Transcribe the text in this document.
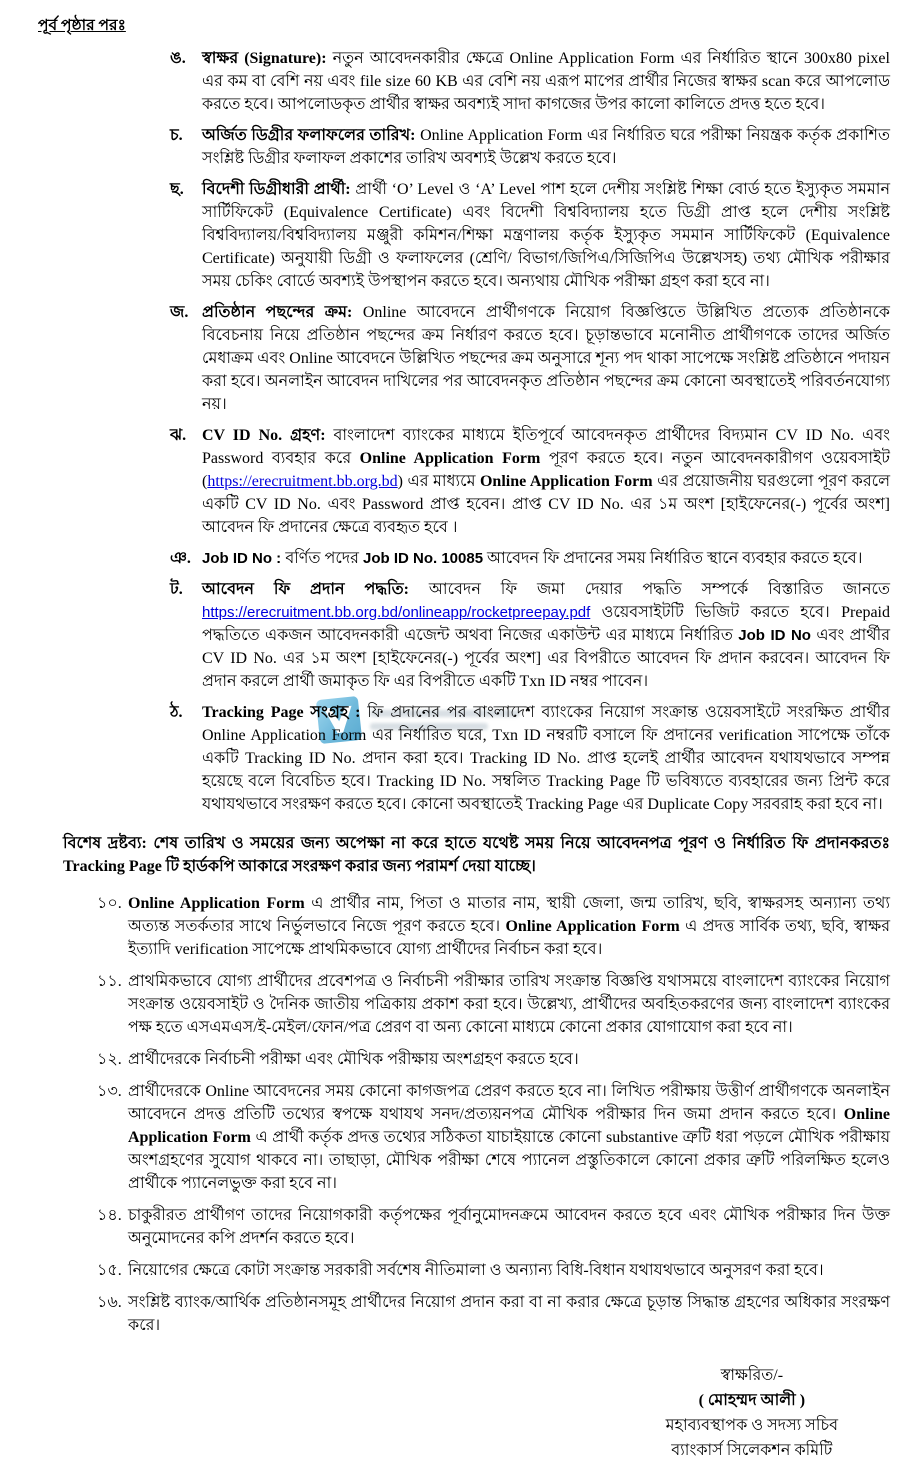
পূর্ব পৃষ্ঠার পরঃ
ঙ.	স্বাক্ষর (Signature): নতুন আবেদনকারীর ক্ষেত্রে Online Application Form এর নির্ধারিত স্থানে 300x80 pixel এর কম বা বেশি নয় এবং file size 60 KB এর বেশি নয় এরূপ মাপের প্রার্থীর নিজের স্বাক্ষর scan করে আপলোড করতে হবে। আপলোডকৃত প্রার্থীর স্বাক্ষর অবশ্যই সাদা কাগজের উপর কালো কালিতে প্রদত্ত হতে হবে।
চ.	অর্জিত ডিগ্রীর ফলাফলের তারিখ: Online Application Form এর নির্ধারিত ঘরে পরীক্ষা নিয়ন্ত্রক কর্তৃক প্রকাশিত সংশ্লিষ্ট ডিগ্রীর ফলাফল প্রকাশের তারিখ অবশ্যই উল্লেখ করতে হবে।
ছ.	বিদেশী ডিগ্রীধারী প্রার্থী: প্রার্থী ‘O’ Level ও ‘A’ Level পাশ হলে দেশীয় সংশ্লিষ্ট শিক্ষা বোর্ড হতে ইস্যুকৃত সমমান সার্টিফিকেট (Equivalence Certificate) এবং বিদেশী বিশ্ববিদ্যালয় হতে ডিগ্রী প্রাপ্ত হলে দেশীয় সংশ্লিষ্ট বিশ্ববিদ্যালয়/বিশ্ববিদ্যালয় মঞ্জুরী কমিশন/শিক্ষা মন্ত্রণালয় কর্তৃক ইস্যুকৃত সমমান সার্টিফিকেট (Equivalence Certificate) অনুযায়ী ডিগ্রী ও ফলাফলের (শ্রেণি/ বিভাগ/জিপিএ/সিজিপিএ উল্লেখসহ) তথ্য মৌখিক পরীক্ষার সময় চেকিং বোর্ডে অবশ্যই উপস্থাপন করতে হবে। অন্যথায় মৌখিক পরীক্ষা গ্রহণ করা হবে না।
জ. প্রতিষ্ঠান পছন্দের ক্রম: Online আবেদনে প্রার্থীগণকে নিয়োগ বিজ্ঞপ্তিতে উল্লিখিত প্রত্যেক প্রতিষ্ঠানকে বিবেচনায় নিয়ে প্রতিষ্ঠান পছন্দের ক্রম নির্ধারণ করতে হবে। চূড়ান্তভাবে মনোনীত প্রার্থীগণকে তাদের অর্জিত মেধাক্রম এবং Online আবেদনে উল্লিখিত পছন্দের ক্রম অনুসারে শূন্য পদ থাকা সাপেক্ষে সংশ্লিষ্ট প্রতিষ্ঠানে পদায়ন করা হবে। অনলাইন আবেদন দাখিলের পর আবেদনকৃত প্রতিষ্ঠান পছন্দের ক্রম কোনো অবস্থাতেই পরিবর্তনযোগ্য নয়।
ঝ. CV ID No. গ্রহণ: বাংলাদেশ ব্যাংকের মাধ্যমে ইতিপূর্বে আবেদনকৃত প্রার্থীদের বিদ্যমান CV ID No. এবং Password ব্যবহার করে Online Application Form পূরণ করতে হবে। নতুন আবেদনকারীগণ ওয়েবসাইট (https://erecruitment.bb.org.bd) এর মাধ্যমে Online Application Form এর প্রয়োজনীয় ঘরগুলো পূরণ করলে একটি CV ID No. এবং Password প্রাপ্ত হবেন। প্রাপ্ত CV ID No. এর ১ম অংশ [হাইফেনের(-) পূর্বের অংশ] আবেদন ফি প্রদানের ক্ষেত্রে ব্যবহৃত হবে ।
ঞ. Job ID No : বর্ণিত পদের Job ID No. 10085 আবেদন ফি প্রদানের সময় নির্ধারিত স্থানে ব্যবহার করতে হবে।
ট.	আবেদন ফি প্রদান পদ্ধতি: আবেদন ফি জমা দেয়ার পদ্ধতি সম্পর্কে বিস্তারিত জানতে https://erecruitment.bb.org.bd/onlineapp/rocketpreepay.pdf ওয়েবসাইটটি ভিজিট করতে হবে। Prepaid পদ্ধতিতে একজন আবেদনকারী এজেন্ট অথবা নিজের একাউন্ট এর মাধ্যমে নির্ধারিত Job ID No এবং প্রার্থীর CV ID No. এর ১ম অংশ [হাইফেনের(-) পূর্বের অংশ] এর বিপরীতে আবেদন ফি প্রদান করবেন। আবেদন ফি প্রদান করলে প্রার্থী জমাকৃত ফি এর বিপরীতে একটি Txn ID নম্বর পাবেন।
ঠ.	Tracking Page সংগ্রহ : ফি প্রদানের পর বাংলাদেশ ব্যাংকের নিয়োগ সংক্রান্ত ওয়েবসাইটে সংরক্ষিত প্রার্থীর Online Application Form এর নির্ধারিত ঘরে, Txn ID নম্বরটি বসালে ফি প্রদানের verification সাপেক্ষে তাঁকে একটি Tracking ID No. প্রদান করা হবে। Tracking ID No. প্রাপ্ত হলেই প্রার্থীর আবেদন যথাযথভাবে সম্পন্ন হয়েছে বলে বিবেচিত হবে। Tracking ID No. সম্বলিত Tracking Page টি ভবিষ্যতে ব্যবহারের জন্য প্রিন্ট করে যথাযথভাবে সংরক্ষণ করতে হবে। কোনো অবস্থাতেই Tracking Page এর Duplicate Copy সরবরাহ করা হবে না।
বিশেষ দ্রষ্টব্য: শেষ তারিখ ও সময়ের জন্য অপেক্ষা না করে হাতে যথেষ্ট সময় নিয়ে আবেদনপত্র পূরণ ও নির্ধারিত ফি প্রদানকরতঃ Tracking Page টি হার্ডকপি আকারে সংরক্ষণ করার জন্য পরামর্শ দেয়া যাচ্ছে।
১০. Online Application Form এ প্রার্থীর নাম, পিতা ও মাতার নাম, স্থায়ী জেলা, জন্ম তারিখ, ছবি, স্বাক্ষরসহ অন্যান্য তথ্য অত্যন্ত সতর্কতার সাথে নির্ভুলভাবে নিজে পূরণ করতে হবে। Online Application Form এ প্রদত্ত সার্বিক তথ্য, ছবি, স্বাক্ষর ইত্যাদি verification সাপেক্ষে প্রাথমিকভাবে যোগ্য প্রার্থীদের নির্বাচন করা হবে।
১১. প্রাথমিকভাবে যোগ্য প্রার্থীদের প্রবেশপত্র ও নির্বাচনী পরীক্ষার তারিখ সংক্রান্ত বিজ্ঞপ্তি যথাসময়ে বাংলাদেশ ব্যাংকের নিয়োগ সংক্রান্ত ওয়েবসাইট ও দৈনিক জাতীয় পত্রিকায় প্রকাশ করা হবে। উল্লেখ্য, প্রার্থীদের অবহিতকরণের জন্য বাংলাদেশ ব্যাংকের পক্ষ হতে এসএমএস/ই-মেইল/ফোন/পত্র প্রেরণ বা অন্য কোনো মাধ্যমে কোনো প্রকার যোগাযোগ করা হবে না।
১২. প্রার্থীদেরকে নির্বাচনী পরীক্ষা এবং মৌখিক পরীক্ষায় অংশগ্রহণ করতে হবে।
১৩. প্রার্থীদেরকে Online আবেদনের সময় কোনো কাগজপত্র প্রেরণ করতে হবে না। লিখিত পরীক্ষায় উত্তীর্ণ প্রার্থীগণকে অনলাইন আবেদনে প্রদত্ত প্রতিটি তথ্যের স্বপক্ষে যথাযথ সনদ/প্রত্যয়নপত্র মৌখিক পরীক্ষার দিন জমা প্রদান করতে হবে। Online Application Form এ প্রার্থী কর্তৃক প্রদত্ত তথ্যের সঠিকতা যাচাইয়ান্তে কোনো substantive ত্রুটি ধরা পড়লে মৌখিক পরীক্ষায় অংশগ্রহণের সুযোগ থাকবে না। তাছাড়া, মৌখিক পরীক্ষা শেষে প্যানেল প্রস্তুতিকালে কোনো প্রকার ত্রুটি পরিলক্ষিত হলেও প্রার্থীকে প্যানেলভুক্ত করা হবে না।
১৪. চাকুরীরত প্রার্থীগণ তাদের নিয়োগকারী কর্তৃপক্ষের পূর্বানুমোদনক্রমে আবেদন করতে হবে এবং মৌখিক পরীক্ষার দিন উক্ত অনুমোদনের কপি প্রদর্শন করতে হবে।
১৫. নিয়োগের ক্ষেত্রে কোটা সংক্রান্ত সরকারী সর্বশেষ নীতিমালা ও অন্যান্য বিধি-বিধান যথাযথভাবে অনুসরণ করা হবে।
১৬. সংশ্লিষ্ট ব্যাংক/আর্থিক প্রতিষ্ঠানসমূহ প্রার্থীদের নিয়োগ প্রদান করা বা না করার ক্ষেত্রে চূড়ান্ত সিদ্ধান্ত গ্রহণের অধিকার সংরক্ষণ করে।
স্বাক্ষরিত/-
( মোহম্মদ আলী )
মহাব্যবস্থাপক ও সদস্য সচিব
ব্যাংকার্স সিলেকশন কমিটি
